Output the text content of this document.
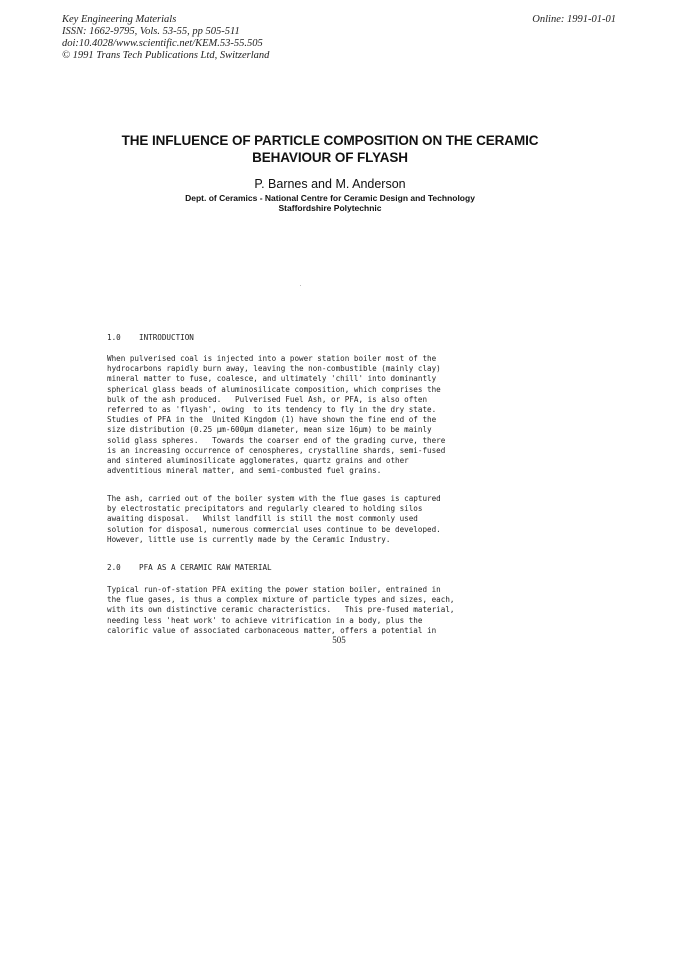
Key Engineering Materials
ISSN: 1662-9795, Vols. 53-55, pp 505-511
doi:10.4028/www.scientific.net/KEM.53-55.505
© 1991 Trans Tech Publications Ltd, Switzerland
Online: 1991-01-01
THE INFLUENCE OF PARTICLE COMPOSITION ON THE CERAMIC
BEHAVIOUR OF FLYASH
P. Barnes and M. Anderson
Dept. of Ceramics - National Centre for Ceramic Design and Technology
Staffordshire Polytechnic
1.0    INTRODUCTION
When pulverised coal is injected into a power station boiler most of the
hydrocarbons rapidly burn away, leaving the non-combustible (mainly clay)
mineral matter to fuse, coalesce, and ultimately 'chill' into dominantly
spherical glass beads of aluminosilicate composition, which comprises the
bulk of the ash produced.   Pulverised Fuel Ash, or PFA, is also often
referred to as 'flyash', owing  to its tendency to fly in the dry state.
Studies of PFA in the  United Kingdom (1) have shown the fine end of the
size distribution (0.25 µm-600µm diameter, mean size 16µm) to be mainly
solid glass spheres.   Towards the coarser end of the grading curve, there
is an increasing occurrence of cenospheres, crystalline shards, semi-fused
and sintered aluminosilicate agglomerates, quartz grains and other
adventitious mineral matter, and semi-combusted fuel grains.
The ash, carried out of the boiler system with the flue gases is captured
by electrostatic precipitators and regularly cleared to holding silos
awaiting disposal.   Whilst landfill is still the most commonly used
solution for disposal, numerous commercial uses continue to be developed.
However, little use is currently made by the Ceramic Industry.
2.0    PFA AS A CERAMIC RAW MATERIAL
Typical run-of-station PFA exiting the power station boiler, entrained in
the flue gases, is thus a complex mixture of particle types and sizes, each,
with its own distinctive ceramic characteristics.   This pre-fused material,
needing less 'heat work' to achieve vitrification in a body, plus the
calorific value of associated carbonaceous matter, offers a potential in
505
